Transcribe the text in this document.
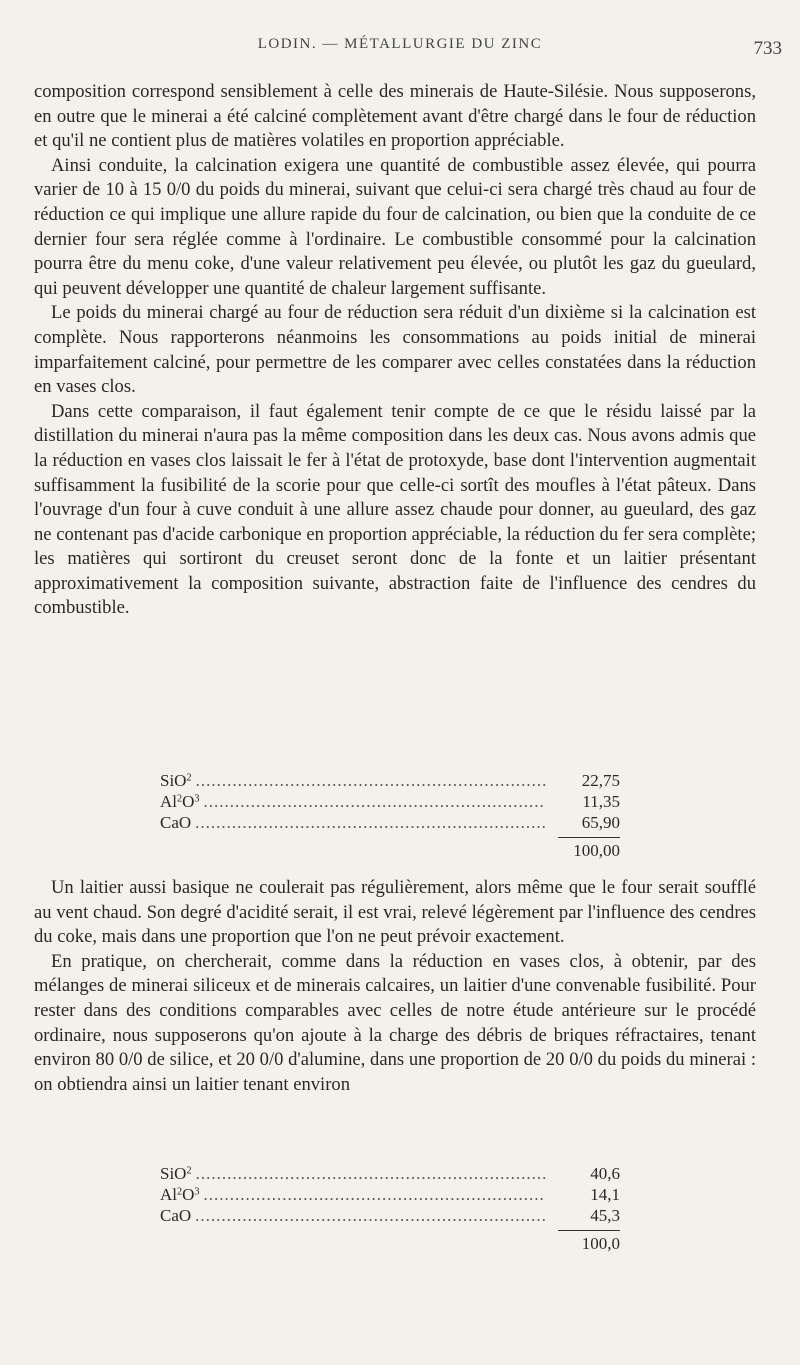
LODIN. — MÉTALLURGIE DU ZINC	733

composition correspond sensiblement à celle des minerais de Haute-Silésie. Nous supposerons, en outre que le minerai a été calciné complètement avant d'être chargé dans le four de réduction et qu'il ne contient plus de matières volatiles en proportion appréciable.

Ainsi conduite, la calcination exigera une quantité de combustible assez élevée, qui pourra varier de 10 à 15 0/0 du poids du minerai, suivant que celui-ci sera chargé très chaud au four de réduction ce qui implique une allure rapide du four de calcination, ou bien que la conduite de ce dernier four sera réglée comme à l'ordinaire. Le combustible consommé pour la calcination pourra être du menu coke, d'une valeur relativement peu élevée, ou plutôt les gaz du gueulard, qui peuvent développer une quantité de chaleur largement suffisante.

Le poids du minerai chargé au four de réduction sera réduit d'un dixième si la calcination est complète. Nous rapporterons néanmoins les consommations au poids initial de minerai imparfaitement calciné, pour permettre de les comparer avec celles constatées dans la réduction en vases clos.

Dans cette comparaison, il faut également tenir compte de ce que le résidu laissé par la distillation du minerai n'aura pas la même composition dans les deux cas. Nous avons admis que la réduction en vases clos laissait le fer à l'état de protoxyde, base dont l'intervention augmentait suffisamment la fusibilité de la scorie pour que celle-ci sortît des moufles à l'état pâteux. Dans l'ouvrage d'un four à cuve conduit à une allure assez chaude pour donner, au gueulard, des gaz ne contenant pas d'acide carbonique en proportion appréciable, la réduction du fer sera complète; les matières qui sortiront du creuset seront donc de la fonte et un laitier présentant approximativement la composition suivante, abstraction faite de l'influence des cendres du combustible.

SiO$^2$ .....	22,75
$Al^2O^3$ .....	11,35
CaO .....	65,90
100,00

Un laitier aussi basique ne coulerait pas régulièrement, alors même que le four serait soufflé au vent chaud. Son degré d'acidité serait, il est vrai, relevé légèrement par l'influence des cendres du coke, mais dans une proportion que l'on ne peut prévoir exactement.

En pratique, on chercherait, comme dans la réduction en vases clos, à obtenir, par des mélanges de minerai siliceux et de minerais calcaires, un laitier d'une convenable fusibilité. Pour rester dans des conditions comparables avec celles de notre étude antérieure sur le procédé ordinaire, nous supposerons qu'on ajoute à la charge des débris de briques réfractaires, tenant environ 80 0/0 de silice, et 20 0/0 d'alumine, dans une proportion de 20 0/0 du poids du minerai : on obtiendra ainsi un laitier tenant environ

SiO$^2$ .....	40,6
$Al^2O^3$ .....	14,1
CaO .....	45,3
100,0
